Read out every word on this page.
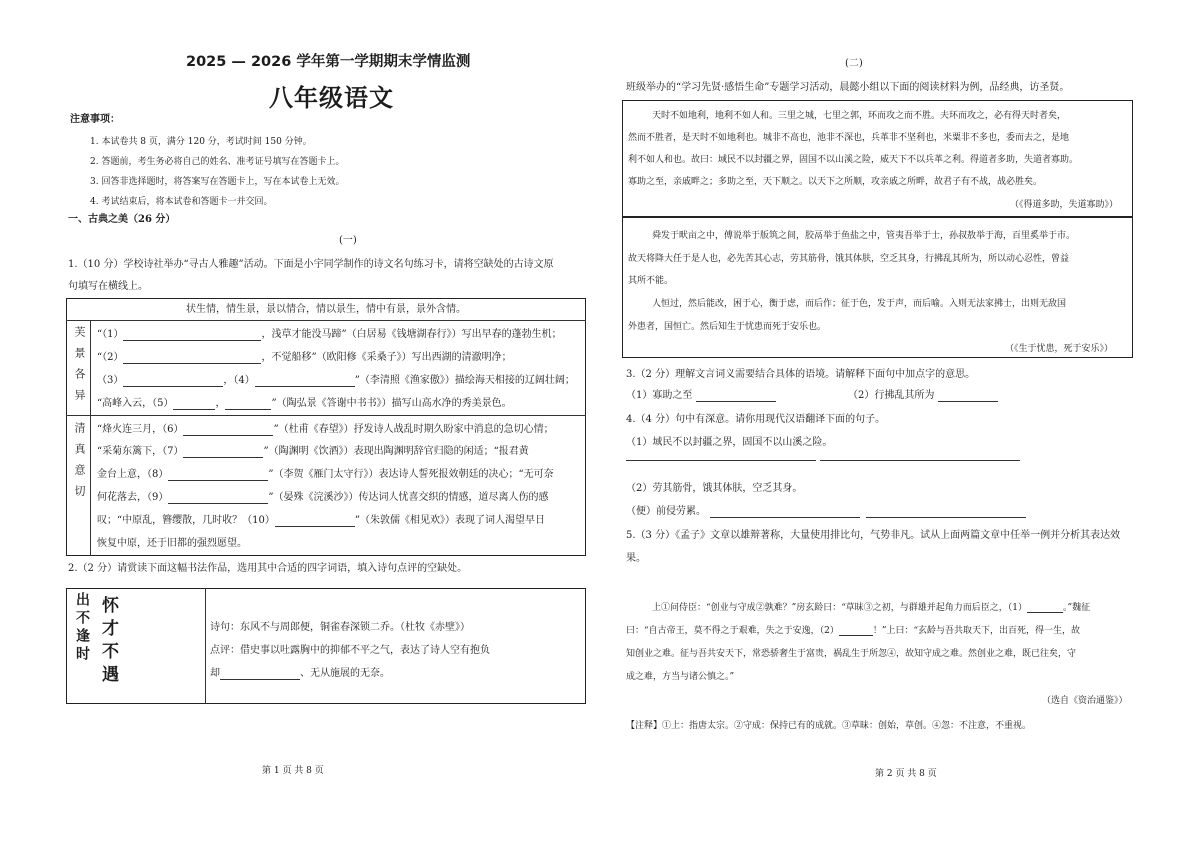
2025 — 2026 学年第一学期期末学情监测
八年级语文
注意事项：
1. 本试卷共 8 页，满分 120 分，考试时间 150 分钟。
2. 答题前，考生务必将自己的姓名、准考证号填写在答题卡上。
3. 回答非选择题时，将答案写在答题卡上，写在本试卷上无效。
4. 考试结束后，将本试卷和答题卡一并交回。
一、古典之美（26 分）
(一)
1.（10 分）学校诗社举办“寻古人雅趣”活动。下面是小宇同学制作的诗文名句练习卡，请将空缺处的古诗文原
句填写在横线上。
状生情，情生景，景以情合，情以景生，情中有景，景外含情。
芙景各异
清真意切
“（1）	，浅草才能没马蹄”（白居易《钱塘湖春行》）写出早春的蓬勃生机；
“（2）	，不觉船移”（欧阳修《采桑子》）写出西湖的清澈明净；
（3）	，（4）	”（李清照《渔家傲》）描绘海天相接的辽阔壮阔；
“高峰入云，（5）	，	”（陶弘景《答谢中书书》）描写山高水净的秀美景色。
“烽火连三月，（6）	”（杜甫《春望》）抒发诗人战乱时期久盼家中消息的急切心情；
“采菊东篱下，（7）	”（陶渊明《饮酒》）表现出陶渊明辞官归隐的闲适；“报君黄
金台上意，（8）	”（李贺《雁门太守行》）表达诗人誓死报效朝廷的决心；“无可奈
何花落去，（9）	”（晏殊《浣溪沙》）传达词人忧喜交织的情感，道尽离人伤的感
叹；“中原乱，簪缨散，几时收？（10）	”（朱敦儒《相见欢》）表现了词人渴望早日
恢复中原，还于旧都的强烈愿望。
2.（2 分）请赏读下面这幅书法作品，选用其中合适的四字词语，填入诗句点评的空缺处。
出不逢时 怀才不遇	诗句：东风不与周郎便，铜雀春深锁二乔。（杜牧《赤壁》）
点评：借史事以吐露胸中的抑郁不平之气，表达了诗人空有抱负
却	、无从施展的无奈。
第 1 页 共 8 页
(二)
班级举办的“学习先贤·感悟生命”专题学习活动，晨懿小组以下面的阅读材料为例，品经典，访圣贤。
天时不如地利，地利不如人和。三里之城，七里之郭，环而攻之而不胜。夫环而攻之，必有得天时者矣，
然而不胜者，是天时不如地利也。城非不高也，池非不深也，兵革非不坚利也，米粟非不多也，委而去之，是地
利不如人和也。故曰：域民不以封疆之界，固国不以山溪之险，威天下不以兵革之利。得道者多助，失道者寡助。
寡助之至，亲戚畔之；多助之至，天下顺之。以天下之所顺，攻亲戚之所畔，故君子有不战，战必胜矣。
（《得道多助，失道寡助》）
舜发于畎亩之中，傅说举于版筑之间，胶鬲举于鱼盐之中，管夷吾举于士，孙叔敖举于海，百里奚举于市。
故天将降大任于是人也，必先苦其心志，劳其筋骨，饿其体肤，空乏其身，行拂乱其所为，所以动心忍性，曾益
其所不能。
人恒过，然后能改，困于心，衡于虑，而后作；征于色，发于声，而后喻。入则无法家拂士，出则无敌国
外患者，国恒亡。然后知生于忧患而死于安乐也。
（《生于忧患，死于安乐》）
3.（2 分）理解文言词义需要结合具体的语境。请解释下面句中加点字的意思。
（1）寡助之至	（2）行拂乱其所为
4.（4 分）句中有深意。请你用现代汉语翻译下面的句子。
（1）域民不以封疆之界，固国不以山溪之险。
（2）劳其筋骨，饿其体肤，空乏其身。
（便）前侵劳累。
5.（3 分）《孟子》文章以雄辩著称，大量使用排比句，气势非凡。试从上面两篇文章中任举一例并分析其表达效
果。
上①问侍臣：“创业与守成②孰难？”房玄龄曰：“草昧③之初，与群雄并起角力而后臣之，（1）	。”魏征
曰：“自古帝王，莫不得之于艰难，失之于安逸，（2）	！”上曰：“玄龄与吾共取天下，出百死，得一生，故
知创业之难。征与吾共安天下，常恐骄奢生于富贵，祸乱生于所忽④，故知守成之难。然创业之难，既已往矣，守
成之难，方当与诸公慎之。”
（选自《资治通鉴》）
【注释】①上：指唐太宗。②守成：保持已有的成就。③草昧：创始，草创。④忽：不注意，不重视。
第 2 页 共 8 页
